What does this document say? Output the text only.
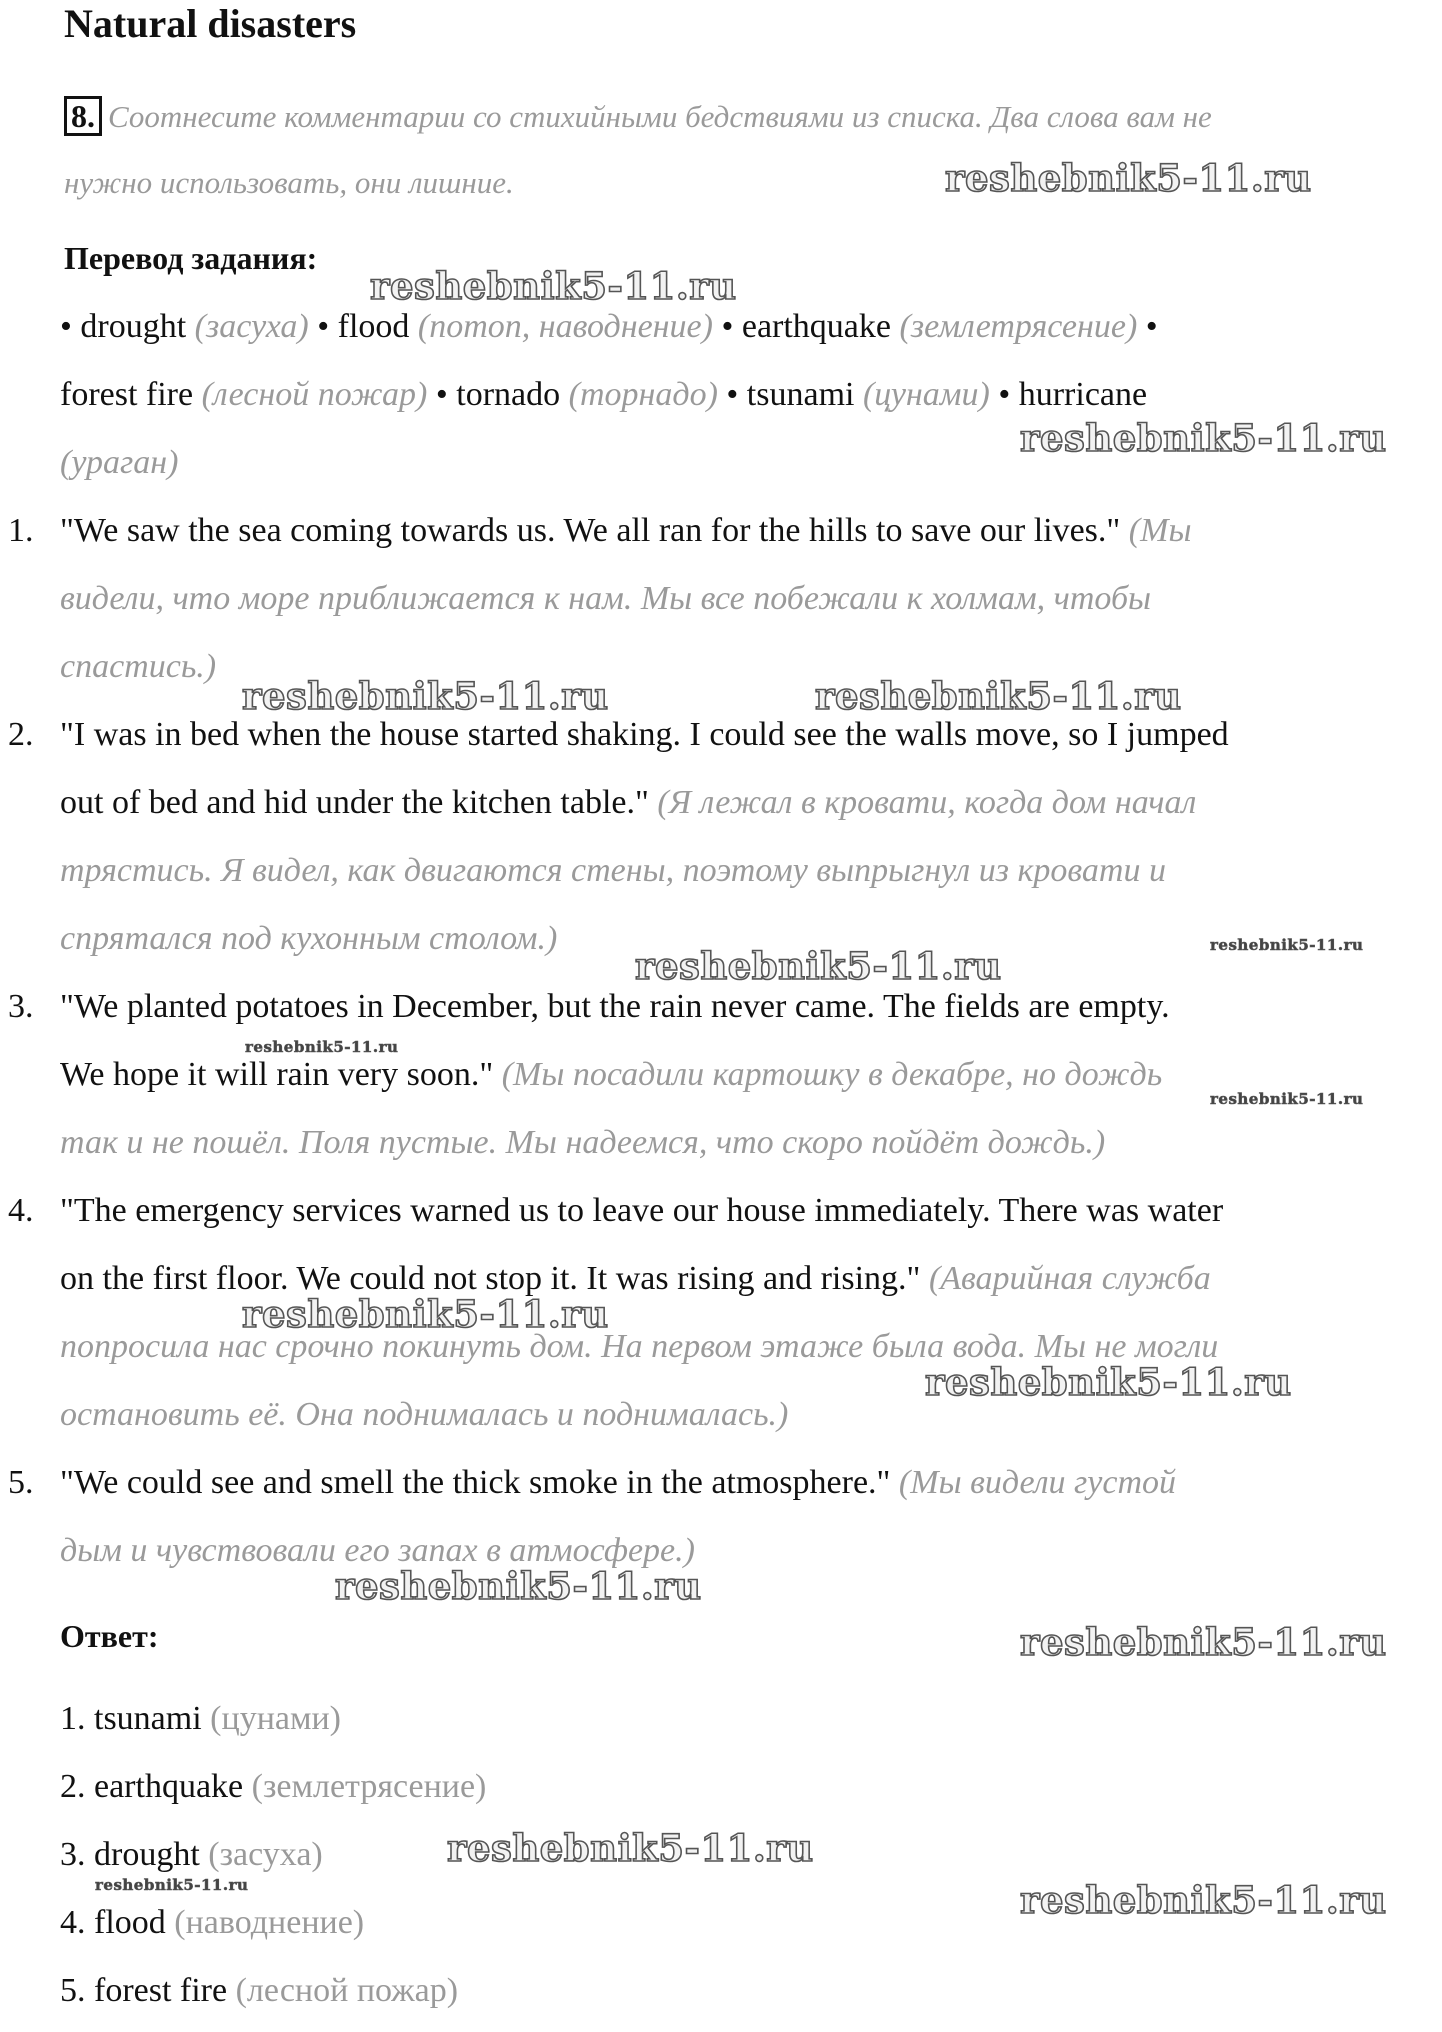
Natural disasters
8. Соотнесите комментарии со стихийными бедствиями из списка. Два слова вам не
нужно использовать, они лишние.
Перевод задания:
• drought (засуха) • flood (потоп, наводнение) • earthquake (землетрясение) •
forest fire (лесной пожар) • tornado (торнадо) • tsunami (цунами) • hurricane
(ураган)
1. "We saw the sea coming towards us. We all ran for the hills to save our lives." (Мы
видели, что море приближается к нам. Мы все побежали к холмам, чтобы
спастись.)
2. "I was in bed when the house started shaking. I could see the walls move, so I jumped
out of bed and hid under the kitchen table." (Я лежал в кровати, когда дом начал
трястись. Я видел, как двигаются стены, поэтому выпрыгнул из кровати и
спрятался под кухонным столом.)
3. "We planted potatoes in December, but the rain never came. The fields are empty.
We hope it will rain very soon." (Мы посадили картошку в декабре, но дождь
так и не пошёл. Поля пустые. Мы надеемся, что скоро пойдёт дождь.)
4. "The emergency services warned us to leave our house immediately. There was water
on the first floor. We could not stop it. It was rising and rising." (Аварийная служба
попросила нас срочно покинуть дом. На первом этаже была вода. Мы не могли
остановить её. Она поднималась и поднималась.)
5. "We could see and smell the thick smoke in the atmosphere." (Мы видели густой
дым и чувствовали его запах в атмосфере.)
Ответ:
1. tsunami (цунами)
2. earthquake (землетрясение)
3. drought (засуха)
4. flood (наводнение)
5. forest fire (лесной пожар)
reshebnik5-11.ru
reshebnik5-11.ru
reshebnik5-11.ru
reshebnik5-11.ru	reshebnik5-11.ru
reshebnik5-11.ru	reshebnik5-11.ru
reshebnik5-11.ru
reshebnik5-11.ru
reshebnik5-11.ru
reshebnik5-11.ru
reshebnik5-11.ru
reshebnik5-11.ru
reshebnik5-11.ru
reshebnik5-11.ru	reshebnik5-11.ru
